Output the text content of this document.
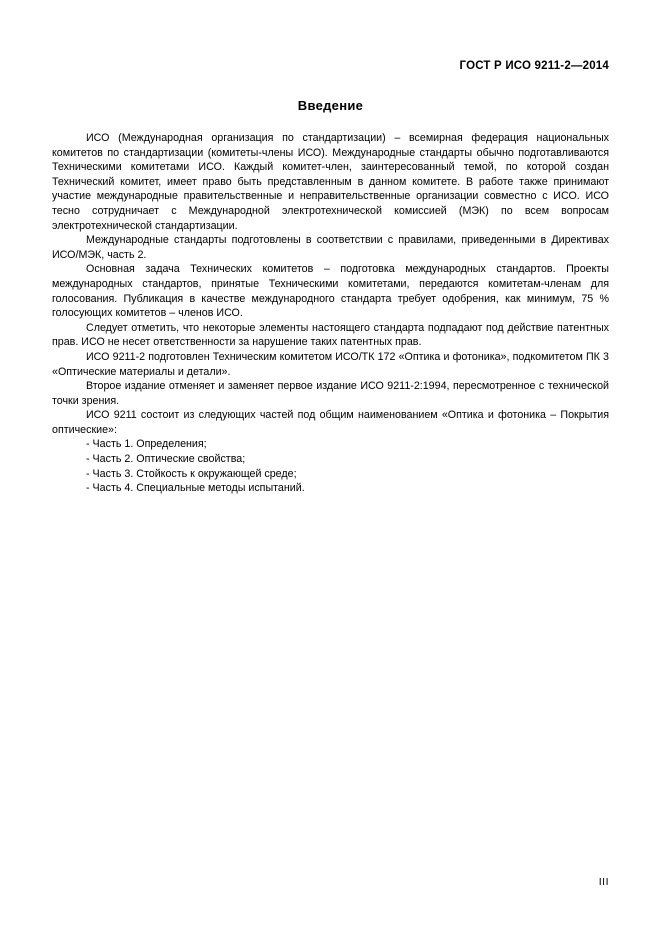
ГОСТ Р ИСО 9211-2—2014
Введение

ИСО (Международная организация по стандартизации) – всемирная федерация национальных комитетов по стандартизации (комитеты-члены ИСО). Международные стандарты обычно подготавливаются Техническими комитетами ИСО. Каждый комитет-член, заинтересованный темой, по которой создан Технический комитет, имеет право быть представленным в данном комитете. В работе также принимают участие международные правительственные и неправительственные организации совместно с ИСО. ИСО тесно сотрудничает с Международной электротехнической комиссией (МЭК) по всем вопросам электротехнической стандартизации.

Международные стандарты подготовлены в соответствии с правилами, приведенными в Директивах ИСО/МЭК, часть 2.

Основная задача Технических комитетов – подготовка международных стандартов. Проекты международных стандартов, принятые Техническими комитетами, передаются комитетам-членам для голосования. Публикация в качестве международного стандарта требует одобрения, как минимум, 75 % голосующих комитетов – членов ИСО.

Следует отметить, что некоторые элементы настоящего стандарта подпадают под действие патентных прав. ИСО не несет ответственности за нарушение таких патентных прав.

ИСО 9211-2 подготовлен Техническим комитетом ИСО/ТК 172 «Оптика и фотоника», подкомитетом ПК 3 «Оптические материалы и детали».

Второе издание отменяет и заменяет первое издание ИСО 9211-2:1994, пересмотренное с технической точки зрения.

ИСО 9211 состоит из следующих частей под общим наименованием «Оптика и фотоника – Покрытия оптические»:

- Часть 1. Определения;

- Часть 2. Оптические свойства;

- Часть 3. Стойкость к окружающей среде;

- Часть 4. Специальные методы испытаний.

III
